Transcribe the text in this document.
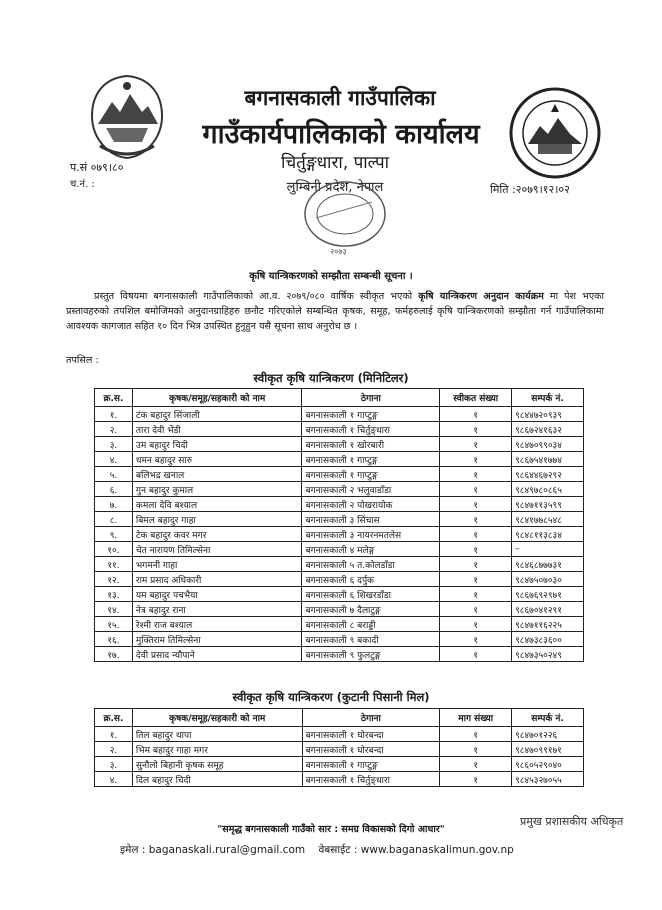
बगनासकाली गाउँपालिका
गाउँकार्यपालिकाको कार्यालय
चिर्तुङ्गधारा, पाल्पा
लुम्बिनी प्रदेश, नेपाल
प.सं ०७९।८०
च.नं. :	मिति :२०७९।१२।०२
२०७३
कृषि यान्त्रिकरणको सम्झौता सम्बन्धी सूचना ।
प्रस्तुत विषयमा बगनासकाली गाउँपालिकाको आ.व. २०७९/०८० वार्षिक स्वीकृत भएको कृषि यान्त्रिकरण अनुदान कार्यक्रम मा पेश भएका प्रस्तावहरुको तपशिल बमोजिमको अनुदानग्राहिहरु छनौट गरिएकोले सम्बन्धित कृषक, समूह, फर्महरुलाई कृषि यान्त्रिकरणको सम्झौता गर्न गाउँपालिकामा आवश्यक कागजात सहित १० दिन भित्र उपस्थित हुनुहुन यसै सूचना साथ अनुरोध छ ।
तपसिल :
स्वीकृत कृषि यान्त्रिकरण (मिनिटिलर)
क्र.स.	कृषक/समूह/सहकारी को नाम	ठेगाना	स्वीकत संख्या	सम्पर्क नं.
१.	टंक बहादुर सिंजाली	बगनासकाली १ गाप्टुङ्ग	१	९८४४७२०९३९
२.	तारा देवी भेंडी	बगनासकाली १ चिर्तुङ्धारा	१	९८६७२४१६३२
३.	उम बहादुर चिदी	बगनासकाली १ खोरबारी	१	९८४७०९९०३४
४.	धमन बहादुर सारु	बगनासकाली १ गाप्टुङ्ग	१	९८६७५४१७७४
५.	बलिभद्र खनाल	बगनासकाली १ गाप्टुङ्ग	१	९८६४४६७२९२
६.	गुन बहादुर कुमाल	बगनासकाली २ भलुवाडाँडा	१	९८४९७८०८६५
७.	कमला देवि बश्याल	बगनासकाली २ पोखरायोक	१	९८४७११३५९९
८.	बिमल बहादुर गाहा	बगनासकाली ३ सिंचास	१	९८४१७७८५४८
९.	टेक बहादुर कवर मगर	बगनासकाली ३ नायरनमतलेस	१	९८४८११३८३४
१०.	चेत नारायण तिमिल्सेना	बगनासकाली ४ मलेङ्ग	१	–
११.	भगमनी गाहा	बगनासकाली ५ त.कोलडाँडा	१	९८४६८७७७३१
१२.	राम प्रसाद अधिकारी	बगनासकाली ६ दर्पुक	१	९८४७५०७०३०
१३.	यम बहादुर पचभैया	बगनासकाली ६ शिखरडाँडा	१	९८६७६९२९७१
१४.	नेत्र बहादुर राना	बगनासकाली ७ दैलाटुङ्ग	१	९८६७०४१२९१
१५.	रेश्मी राज बश्याल	बगनासकाली ८ बराड्डी	१	९८४७११६२२५
१६.	मुक्तिराम तिमिल्सेना	बगनासकाली ९ बकादी	१	९८४७३८३६००
१७.	देवी प्रसाद न्यौपाने	बगनासकाली ९ फुलटुङ्ग	१	९८४७३५०२४९
स्वीकृत कृषि यान्त्रिकरण (कुटानी पिसानी मिल)
क्र.स.	कृषक/समूह/सहकारी को नाम	ठेगाना	माग संख्या	सम्पर्क नं.
१.	तिल बहादुर थापा	बगनासकाली १ घोरबन्दा	१	९८४७०१२२६
२.	भिम बहादुर गाहा मगर	बगनासकाली १ घोरबन्दा	१	९८४७०९९१७१
३.	सुनौलो बिहानी कृषक समूह	बगनासकाली १ गाप्टुङ्ग	१	९८६०५२९०४०
४.	दिल बहादुर चिदी	बगनासकाली १ चिर्तुङ्धारा	१	९८४५३२७०५५
"समृद्ध बगनासकाली गाउँको सार : समग्र विकासको दिगो आधार"
इमेल : baganaskali.rural@gmail.com वेबसाईट : www.baganaskalimun.gov.np
प्रमुख प्रशासकीय अधिकृत
